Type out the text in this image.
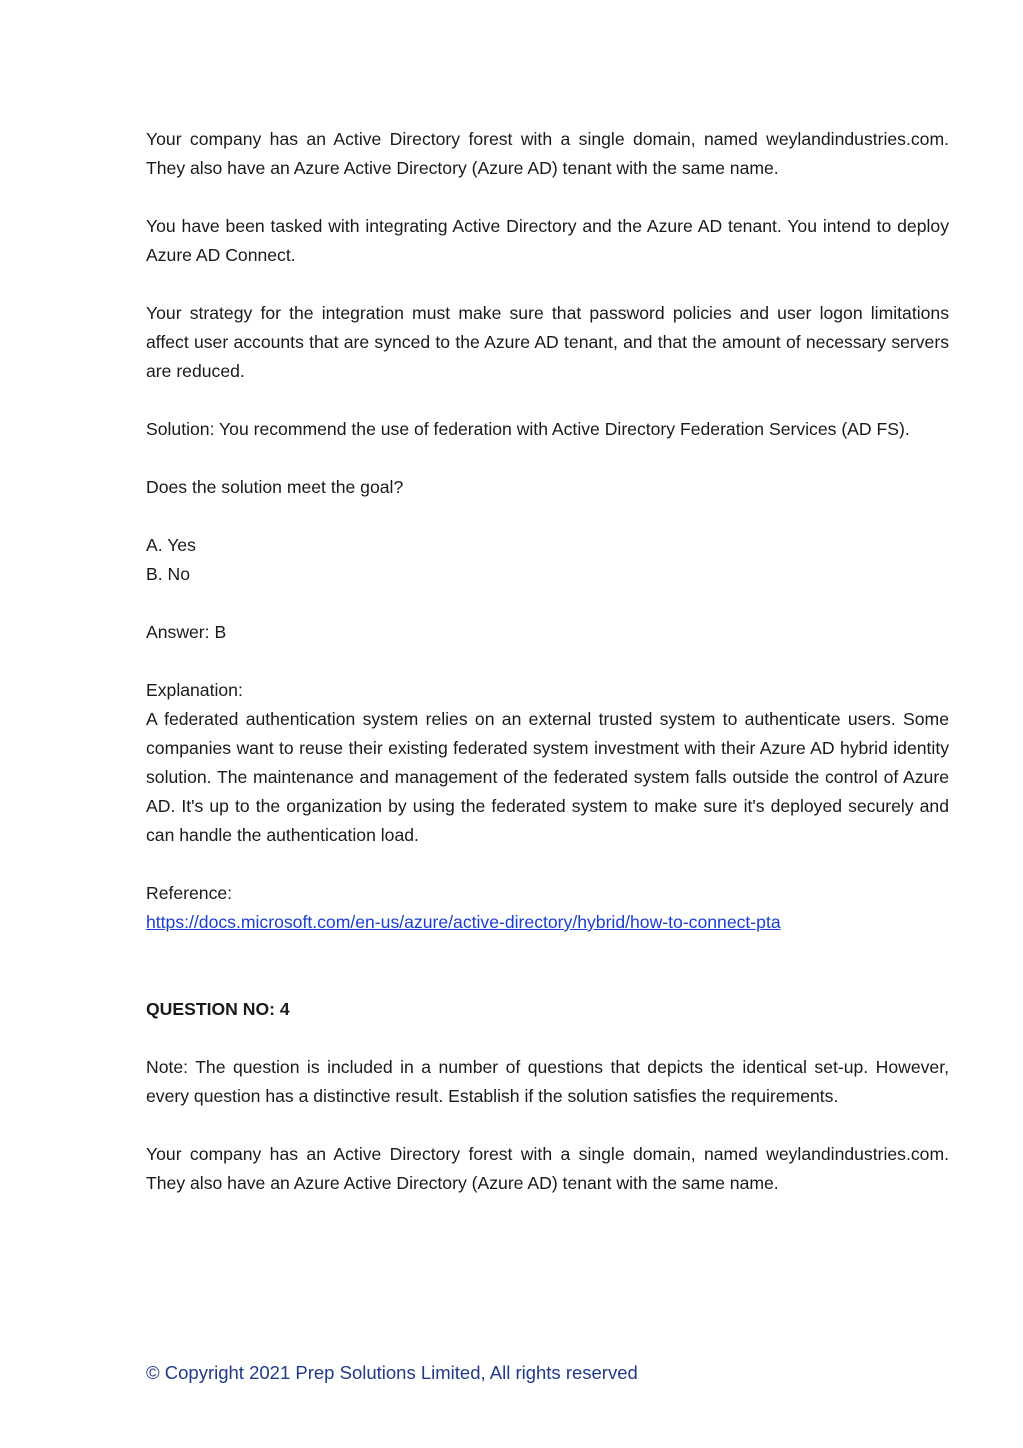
Your company has an Active Directory forest with a single domain, named weylandindustries.com. They also have an Azure Active Directory (Azure AD) tenant with the same name.

You have been tasked with integrating Active Directory and the Azure AD tenant. You intend to deploy Azure AD Connect.

Your strategy for the integration must make sure that password policies and user logon limitations affect user accounts that are synced to the Azure AD tenant, and that the amount of necessary servers are reduced.

Solution: You recommend the use of federation with Active Directory Federation Services (AD FS).

Does the solution meet the goal?

A. Yes
B. No

Answer: B

Explanation:

A federated authentication system relies on an external trusted system to authenticate users. Some companies want to reuse their existing federated system investment with their Azure AD hybrid identity solution. The maintenance and management of the federated system falls outside the control of Azure AD. It's up to the organization by using the federated system to make sure it's deployed securely and can handle the authentication load.

Reference:
https://docs.microsoft.com/en-us/azure/active-directory/hybrid/how-to-connect-pta

QUESTION NO: 4

Note: The question is included in a number of questions that depicts the identical set-up. However, every question has a distinctive result. Establish if the solution satisfies the requirements.

Your company has an Active Directory forest with a single domain, named weylandindustries.com. They also have an Azure Active Directory (Azure AD) tenant with the same name.

© Copyright 2021 Prep Solutions Limited, All rights reserved
